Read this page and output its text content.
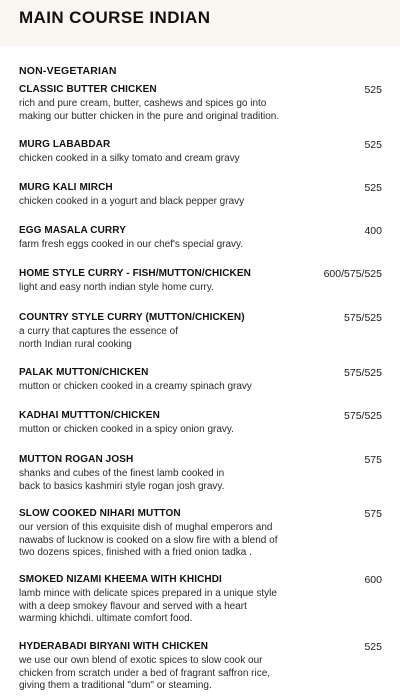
MAIN COURSE INDIAN
NON-VEGETARIAN
CLASSIC BUTTER CHICKEN	525
rich and pure cream, butter, cashews and spices go into
making our butter chicken in the pure and original tradition.
MURG LABABDAR	525
chicken cooked in a silky tomato and cream gravy
MURG KALI MIRCH	525
chicken cooked in a yogurt and black pepper gravy
EGG MASALA CURRY	400
farm fresh eggs cooked in our chef's special gravy.
HOME STYLE CURRY - FISH/MUTTON/CHICKEN	600/575/525
light and easy north indian style home curry.
COUNTRY STYLE CURRY (MUTTON/CHICKEN)	575/525
a curry that captures the essence of
north Indian rural cooking
PALAK MUTTON/CHICKEN	575/525
mutton or chicken cooked in a creamy spinach gravy
KADHAI MUTTTON/CHICKEN	575/525
mutton or chicken cooked in a spicy onion gravy.
MUTTON ROGAN JOSH	575
shanks and cubes of the finest lamb cooked in
back to basics kashmiri style rogan josh gravy.
SLOW COOKED NIHARI MUTTON	575
our version of this exquisite dish of mughal emperors and
nawabs of lucknow is cooked on a slow fire with a blend of
two dozens spices, finished with a fried onion tadka .
SMOKED NIZAMI KHEEMA WITH KHICHDI	600
lamb mince with delicate spices prepared in a unique style
with a deep smokey flavour and served with a heart
warming khichdi. ultimate comfort food.
HYDERABADI BIRYANI WITH CHICKEN	525
we use our own blend of exotic spices to slow cook our
chicken from scratch under a bed of fragrant saffron rice,
giving them a traditional "dum" or steaming.
